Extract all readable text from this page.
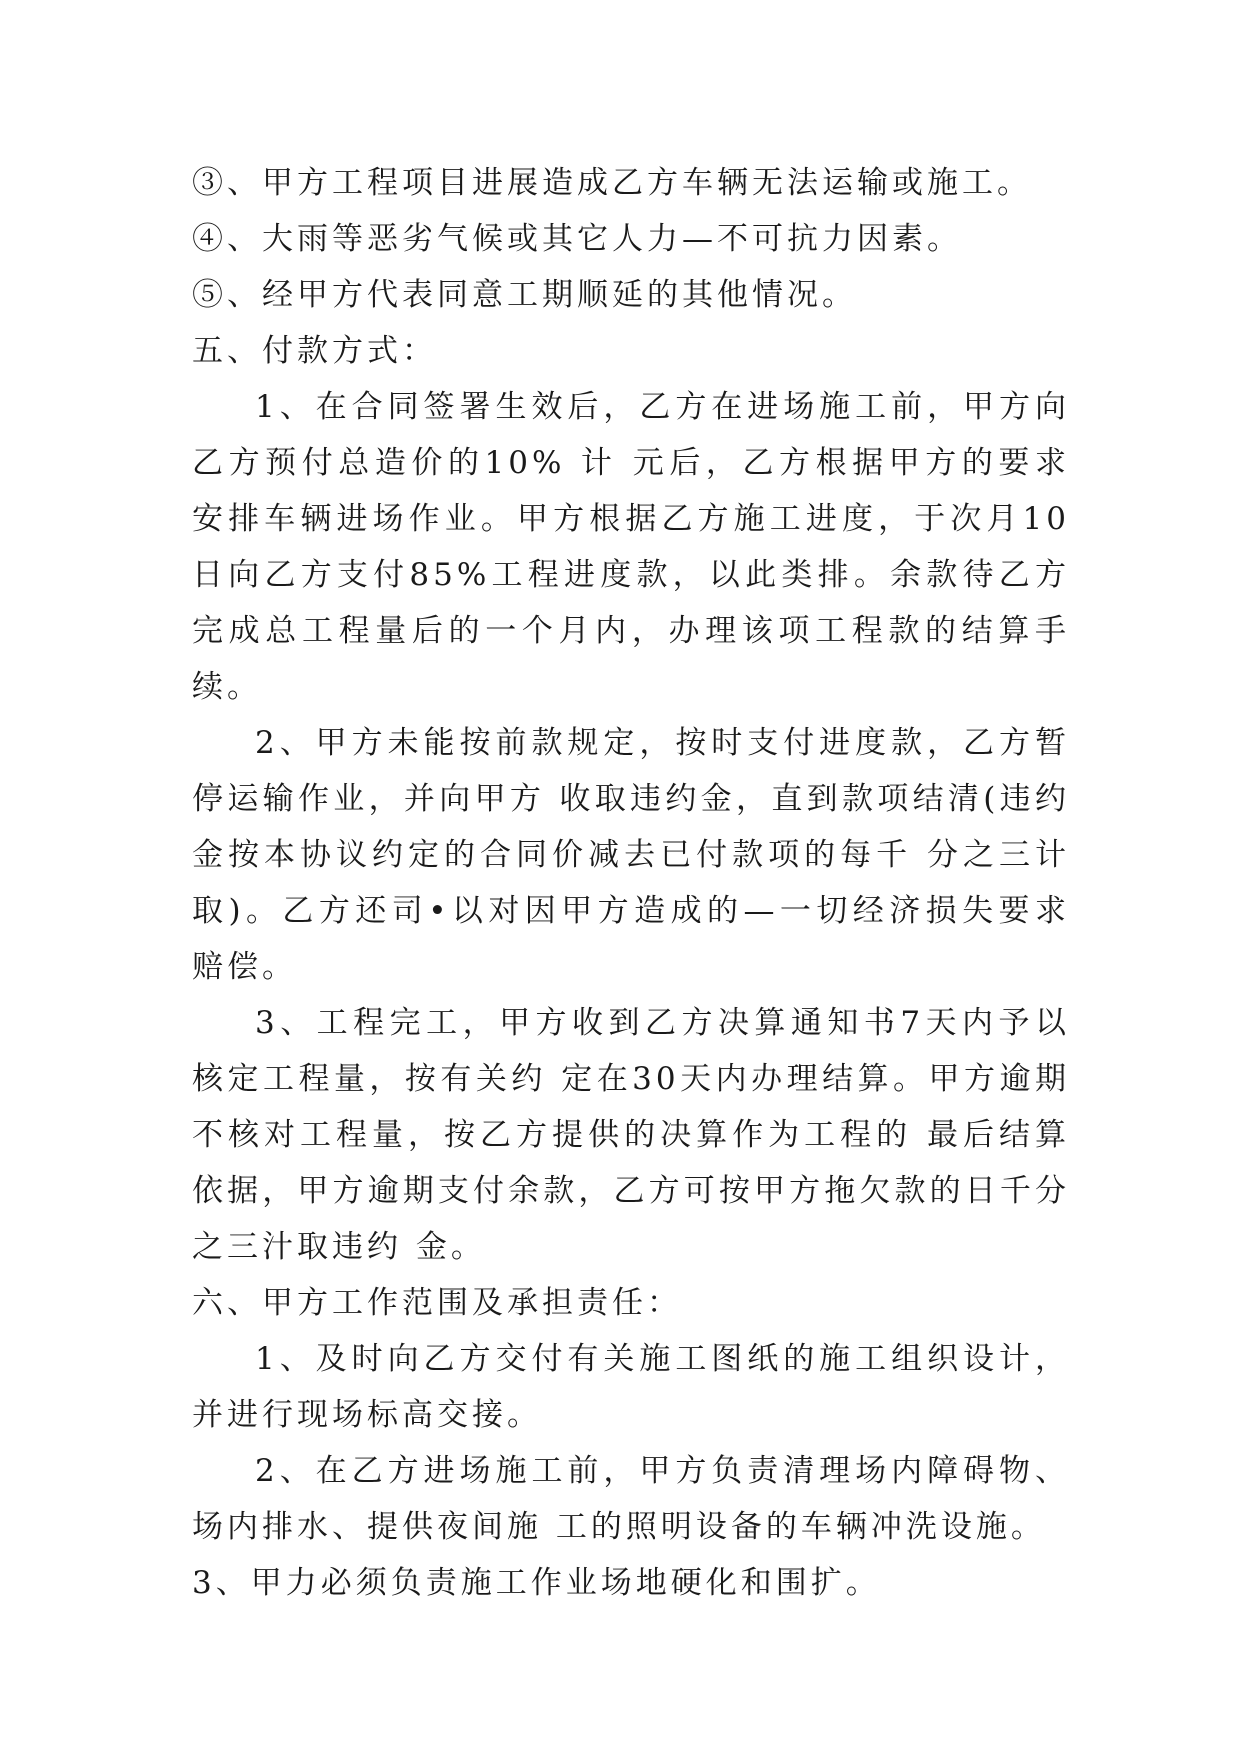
③、甲方工程项目进展造成乙方车辆无法运输或施工。

④、大雨等恶劣气候或其它人力—不可抗力因素。

⑤、经甲方代表同意工期顺延的其他情况。

五、付款方式：

1、在合同签署生效后，乙方在进场施工前，甲方向乙方预付总造价的10% 计 元后，乙方根据甲方的要求安排车辆进场作业。甲方根据乙方施工进度，于次月10日向乙方支付85%工程进度款，以此类排。余款待乙方完成总工程量后的一个月内，办理该项工程款的结算手续。

2、甲方未能按前款规定，按时支付进度款，乙方暂停运输作业，并向甲方 收取违约金，直到款项结清(违约金按本协议约定的合同价减去已付款项的每千 分之三计取)。乙方还司•以对因甲方造成的—一切经济损失要求赔偿。

3、工程完工，甲方收到乙方决算通知书7天内予以核定工程量，按有关约 定在30天内办理结算。甲方逾期不核对工程量，按乙方提供的决算作为工程的 最后结算依据，甲方逾期支付余款，乙方可按甲方拖欠款的日千分之三汁取违约 金。

六、甲方工作范围及承担责任：

1、及时向乙方交付有关施工图纸的施工组织设计，并进行现场标高交接。

2、在乙方进场施工前，甲方负责清理场内障碍物、场内排水、提供夜间施 工的照明设备的车辆冲洗设施。

3、甲力必须负责施工作业场地硬化和围扩。
